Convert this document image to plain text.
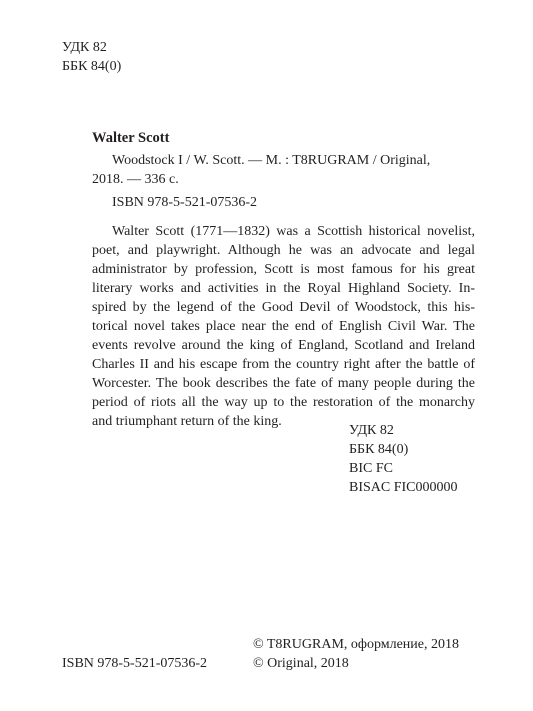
УДК 82
ББК 84(0)
Walter Scott
Woodstock I / W. Scott. — M. : T8RUGRAM / Original,
2018. — 336 c.
ISBN 978-5-521-07536-2
Walter Scott (1771—1832) was a Scottish historical novelist,
poet, and playwright. Although he was an advocate and legal
administrator by profession, Scott is most famous for his great
literary works and activities in the Royal Highland Society. In-
spired by the legend of the Good Devil of Woodstock, this his-
torical novel takes place near the end of English Civil War. The
events revolve around the king of England, Scotland and Ireland
Charles II and his escape from the country right after the battle of
Worcester. The book describes the fate of many people during the
period of riots all the way up to the restoration of the monarchy
and triumphant return of the king.
УДК 82
ББК 84(0)
BIC FC
BISAC FIC000000
© T8RUGRAM, оформление, 2018
© Original, 2018
ISBN 978-5-521-07536-2
